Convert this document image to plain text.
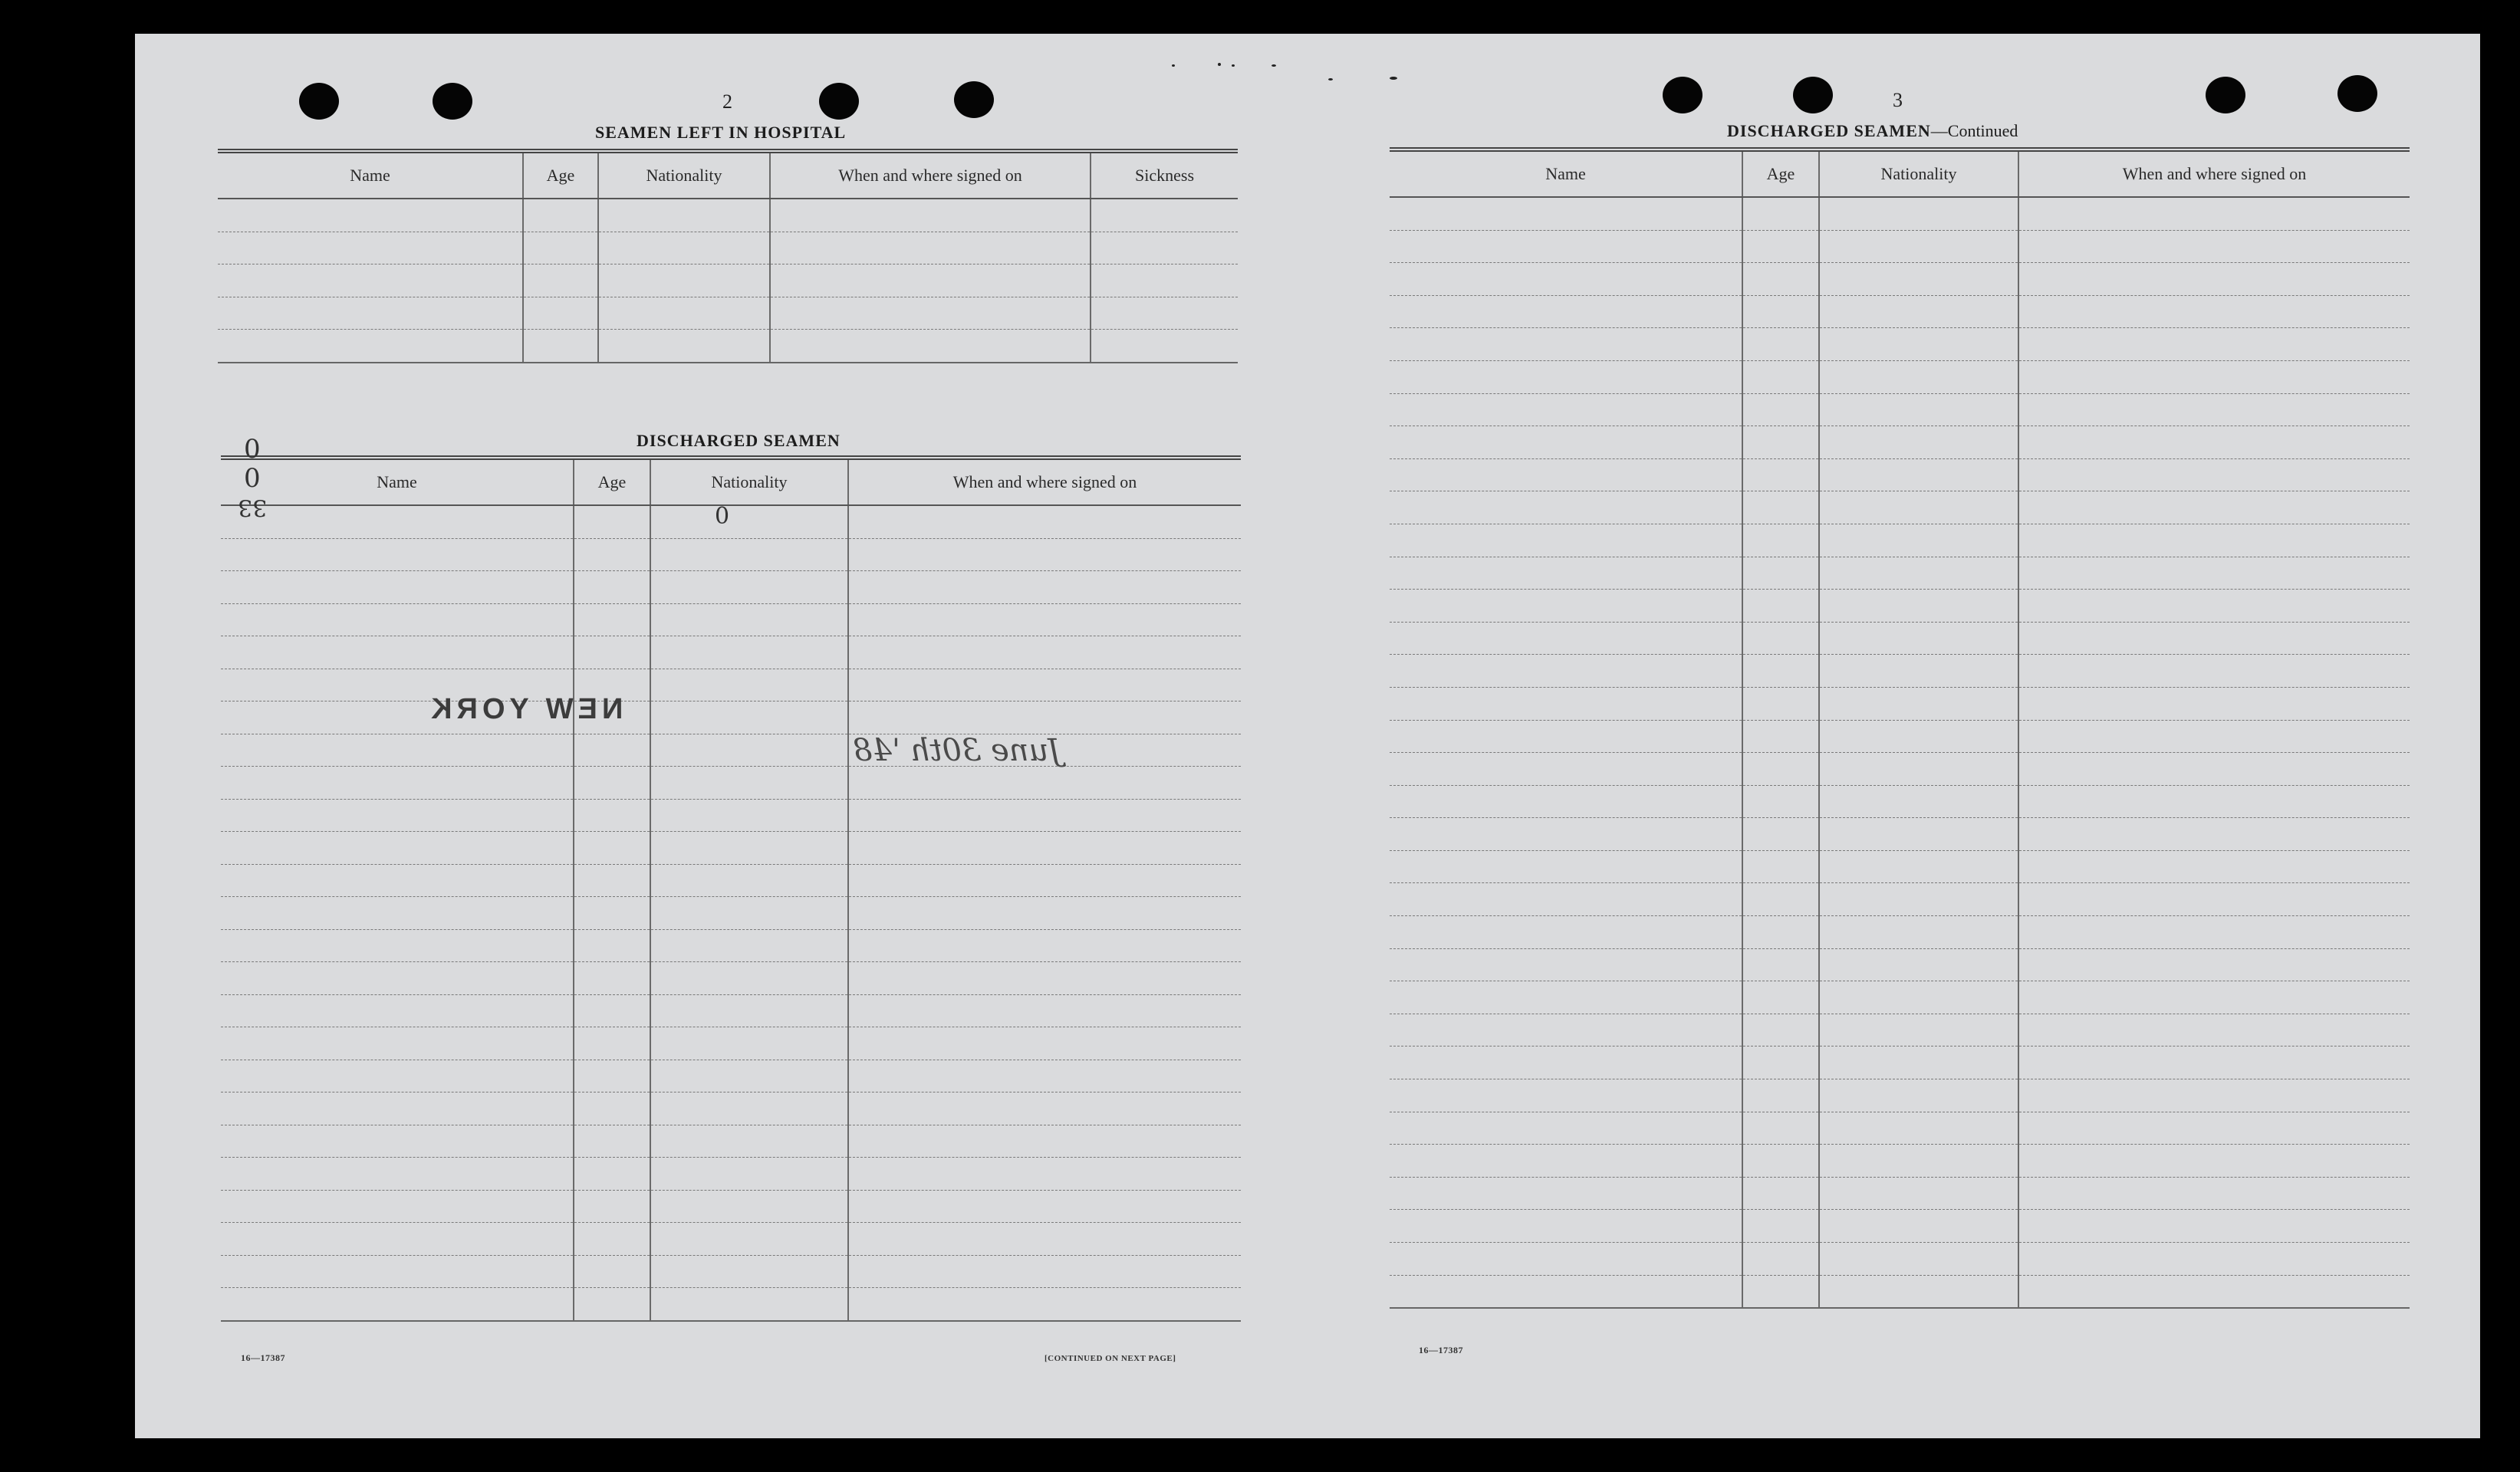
2
SEAMEN LEFT IN HOSPITAL
Name	Age	Nationality	When and where signed on	Sickness

DISCHARGED SEAMEN
Name	Age	Nationality	When and where signed on

0
0
33	0
NEW YORK
June 30th '48
16—17387	[CONTINUED ON NEXT PAGE]
3
DISCHARGED SEAMEN—Continued
Name	Age	Nationality	When and where signed on

16—17387
